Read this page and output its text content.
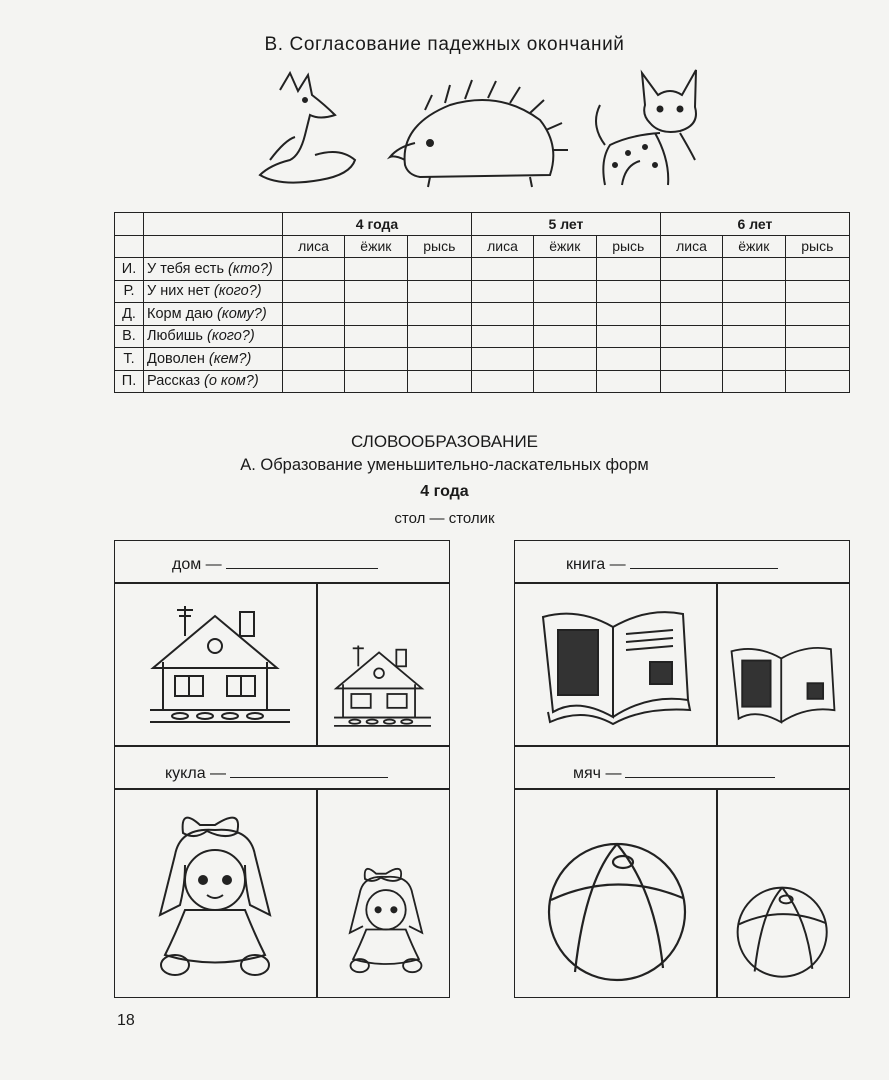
В. Согласование падежных окончаний
		4 года			5 лет			6 лет		
		лиса	ёжик	рысь	лиса	ёжик	рысь	лиса	ёжик	рысь
И.	У тебя есть (кто?)									
Р.	У них нет (кого?)									
Д.	Корм даю (кому?)									
В.	Любишь (кого?)									
Т.	Доволен (кем?)									
П.	Рассказ (о ком?)									
СЛОВООБРАЗОВАНИЕ
А. Образование уменьшительно-ласкательных форм
4 года
стол — столик
дом —	книга —
кукла —	мяч —
18
